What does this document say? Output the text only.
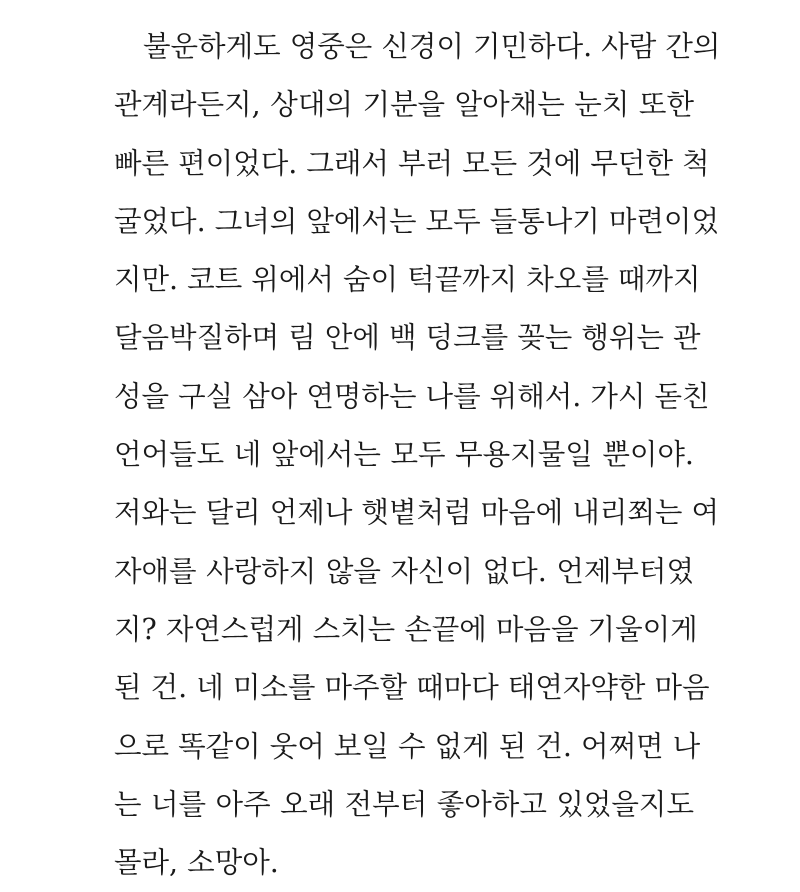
불운하게도 영중은 신경이 기민하다. 사람 간의
관계라든지, 상대의 기분을 알아채는 눈치 또한
빠른 편이었다. 그래서 부러 모든 것에 무던한 척
굴었다. 그녀의 앞에서는 모두 들통나기 마련이었
지만. 코트 위에서 숨이 턱끝까지 차오를 때까지
달음박질하며 림 안에 백 덩크를 꽂는 행위는 관
성을 구실 삼아 연명하는 나를 위해서. 가시 돋친
언어들도 네 앞에서는 모두 무용지물일 뿐이야.
저와는 달리 언제나 햇볕처럼 마음에 내리쬐는 여
자애를 사랑하지 않을 자신이 없다. 언제부터였
지? 자연스럽게 스치는 손끝에 마음을 기울이게
된 건. 네 미소를 마주할 때마다 태연자약한 마음
으로 똑같이 웃어 보일 수 없게 된 건. 어쩌면 나
는 너를 아주 오래 전부터 좋아하고 있었을지도
몰라, 소망아.
